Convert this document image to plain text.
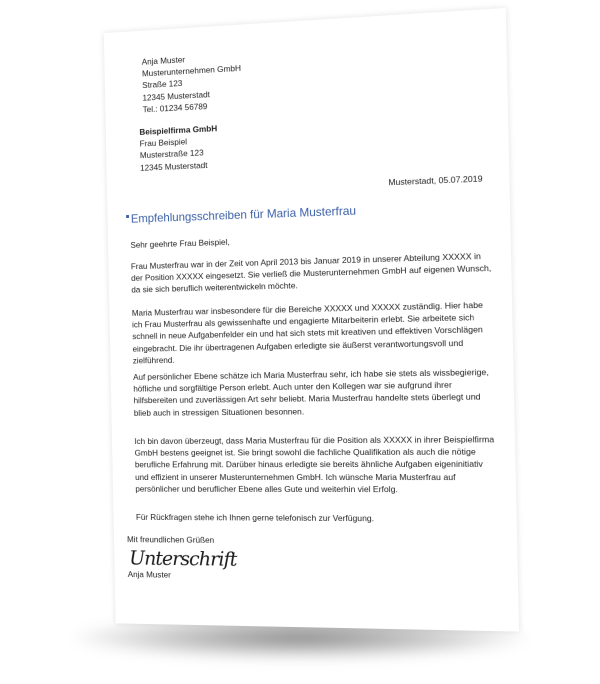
Anja Muster
Musterunternehmen GmbH
Straße 123
12345 Musterstadt
Tel.: 01234 56789
Beispielfirma GmbH
Frau Beispiel
Musterstraße 123
12345 Musterstadt
Musterstadt, 05.07.2019
Empfehlungsschreiben für Maria Musterfrau
Sehr geehrte Frau Beispiel,
Frau Musterfrau war in der Zeit von April 2013 bis Januar 2019 in unserer Abteilung XXXXX in der Position XXXXX eingesetzt. Sie verließ die Musterunternehmen GmbH auf eigenen Wunsch, da sie sich beruflich weiterentwickeln möchte.
Maria Musterfrau war insbesondere für die Bereiche XXXXX und XXXXX zuständig. Hier habe ich Frau Musterfrau als gewissenhafte und engagierte Mitarbeiterin erlebt. Sie arbeitete sich schnell in neue Aufgabenfelder ein und hat sich stets mit kreativen und effektiven Vorschlägen eingebracht. Die ihr übertragenen Aufgaben erledigte sie äußerst verantwortungsvoll und zielführend.
Auf persönlicher Ebene schätze ich Maria Musterfrau sehr, ich habe sie stets als wissbegierige, höfliche und sorgfältige Person erlebt. Auch unter den Kollegen war sie aufgrund ihrer hilfsbereiten und zuverlässigen Art sehr beliebt. Maria Musterfrau handelte stets überlegt und blieb auch in stressigen Situationen besonnen.
Ich bin davon überzeugt, dass Maria Musterfrau für die Position als XXXXX in ihrer Beispielfirma GmbH bestens geeignet ist. Sie bringt sowohl die fachliche Qualifikation als auch die nötige berufliche Erfahrung mit. Darüber hinaus erledigte sie bereits ähnliche Aufgaben eigeninitiativ und effizient in unserer Musterunternehmen GmbH. Ich wünsche Maria Musterfrau auf persönlicher und beruflicher Ebene alles Gute und weiterhin viel Erfolg.
Für Rückfragen stehe ich Ihnen gerne telefonisch zur Verfügung.
Mit freundlichen Grüßen
Unterschrift
Anja Muster
